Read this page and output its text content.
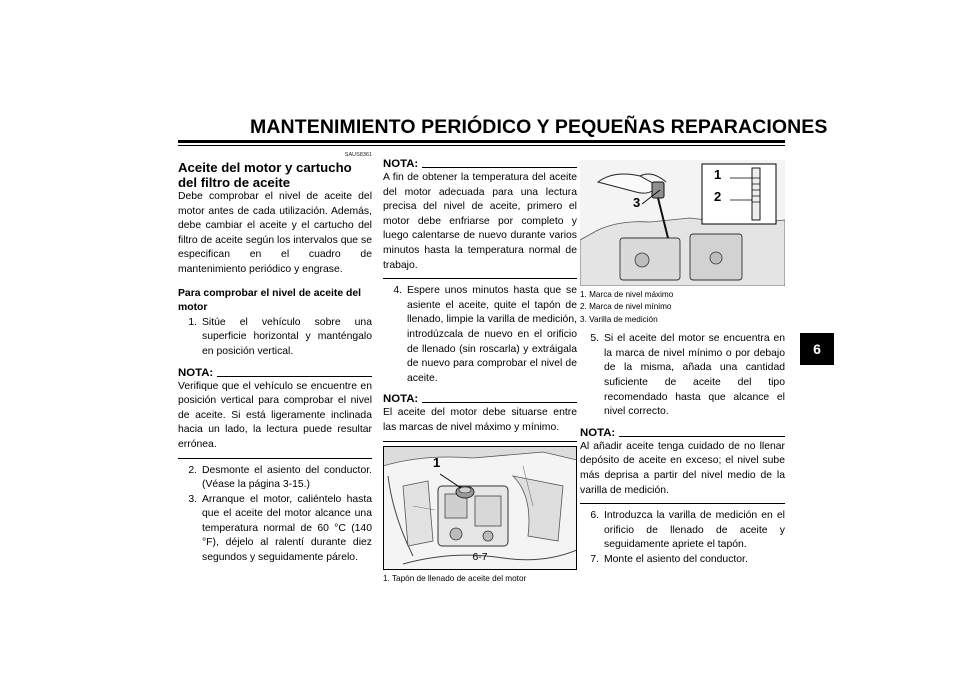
MANTENIMIENTO PERIÓDICO Y PEQUEÑAS REPARACIONES
6
SAUS8361
Aceite del motor y cartucho del filtro de aceite
Debe comprobar el nivel de aceite del motor antes de cada utilización. Además, debe cambiar el aceite y el cartucho del filtro de aceite según los intervalos que se especifican en el cuadro de mantenimiento periódico y engrase.
Para comprobar el nivel de aceite del motor
1. Sitúe el vehículo sobre una superficie horizontal y manténgalo en posición vertical.
NOTA:
Verifique que el vehículo se encuentre en posición vertical para comprobar el nivel de aceite. Si está ligeramente inclinada hacia un lado, la lectura puede resultar errónea.
2. Desmonte el asiento del conductor. (Véase la página 3-15.)
3. Arranque el motor, caliéntelo hasta que el aceite del motor alcance una temperatura normal de 60 °C (140 °F), déjelo al ralentí durante diez segundos y seguidamente párelo.
NOTA:
A fin de obtener la temperatura del aceite del motor adecuada para una lectura precisa del nivel de aceite, primero el motor debe enfriarse por completo y luego calentarse de nuevo durante varios minutos hasta la temperatura normal de trabajo.
4. Espere unos minutos hasta que se asiente el aceite, quite el tapón de llenado, limpie la varilla de medición, introdúzcala de nuevo en el orificio de llenado (sin roscarla) y extráigala de nuevo para comprobar el nivel de aceite.
NOTA:
El aceite del motor debe situarse entre las marcas de nivel máximo y mínimo.
1
1. Tapón de llenado de aceite del motor
1
2
3
1. Marca de nivel máximo
2. Marca de nivel mínimo
3. Varilla de medición
5. Si el aceite del motor se encuentra en la marca de nivel mínimo o por debajo de la misma, añada una cantidad suficiente de aceite del tipo recomendado hasta que alcance el nivel correcto.
NOTA:
Al añadir aceite tenga cuidado de no llenar depósito de aceite en exceso; el nivel sube más deprisa a partir del nivel medio de la varilla de medición.
6. Introduzca la varilla de medición en el orificio de llenado de aceite y seguidamente apriete el tapón.
7. Monte el asiento del conductor.
6-7
